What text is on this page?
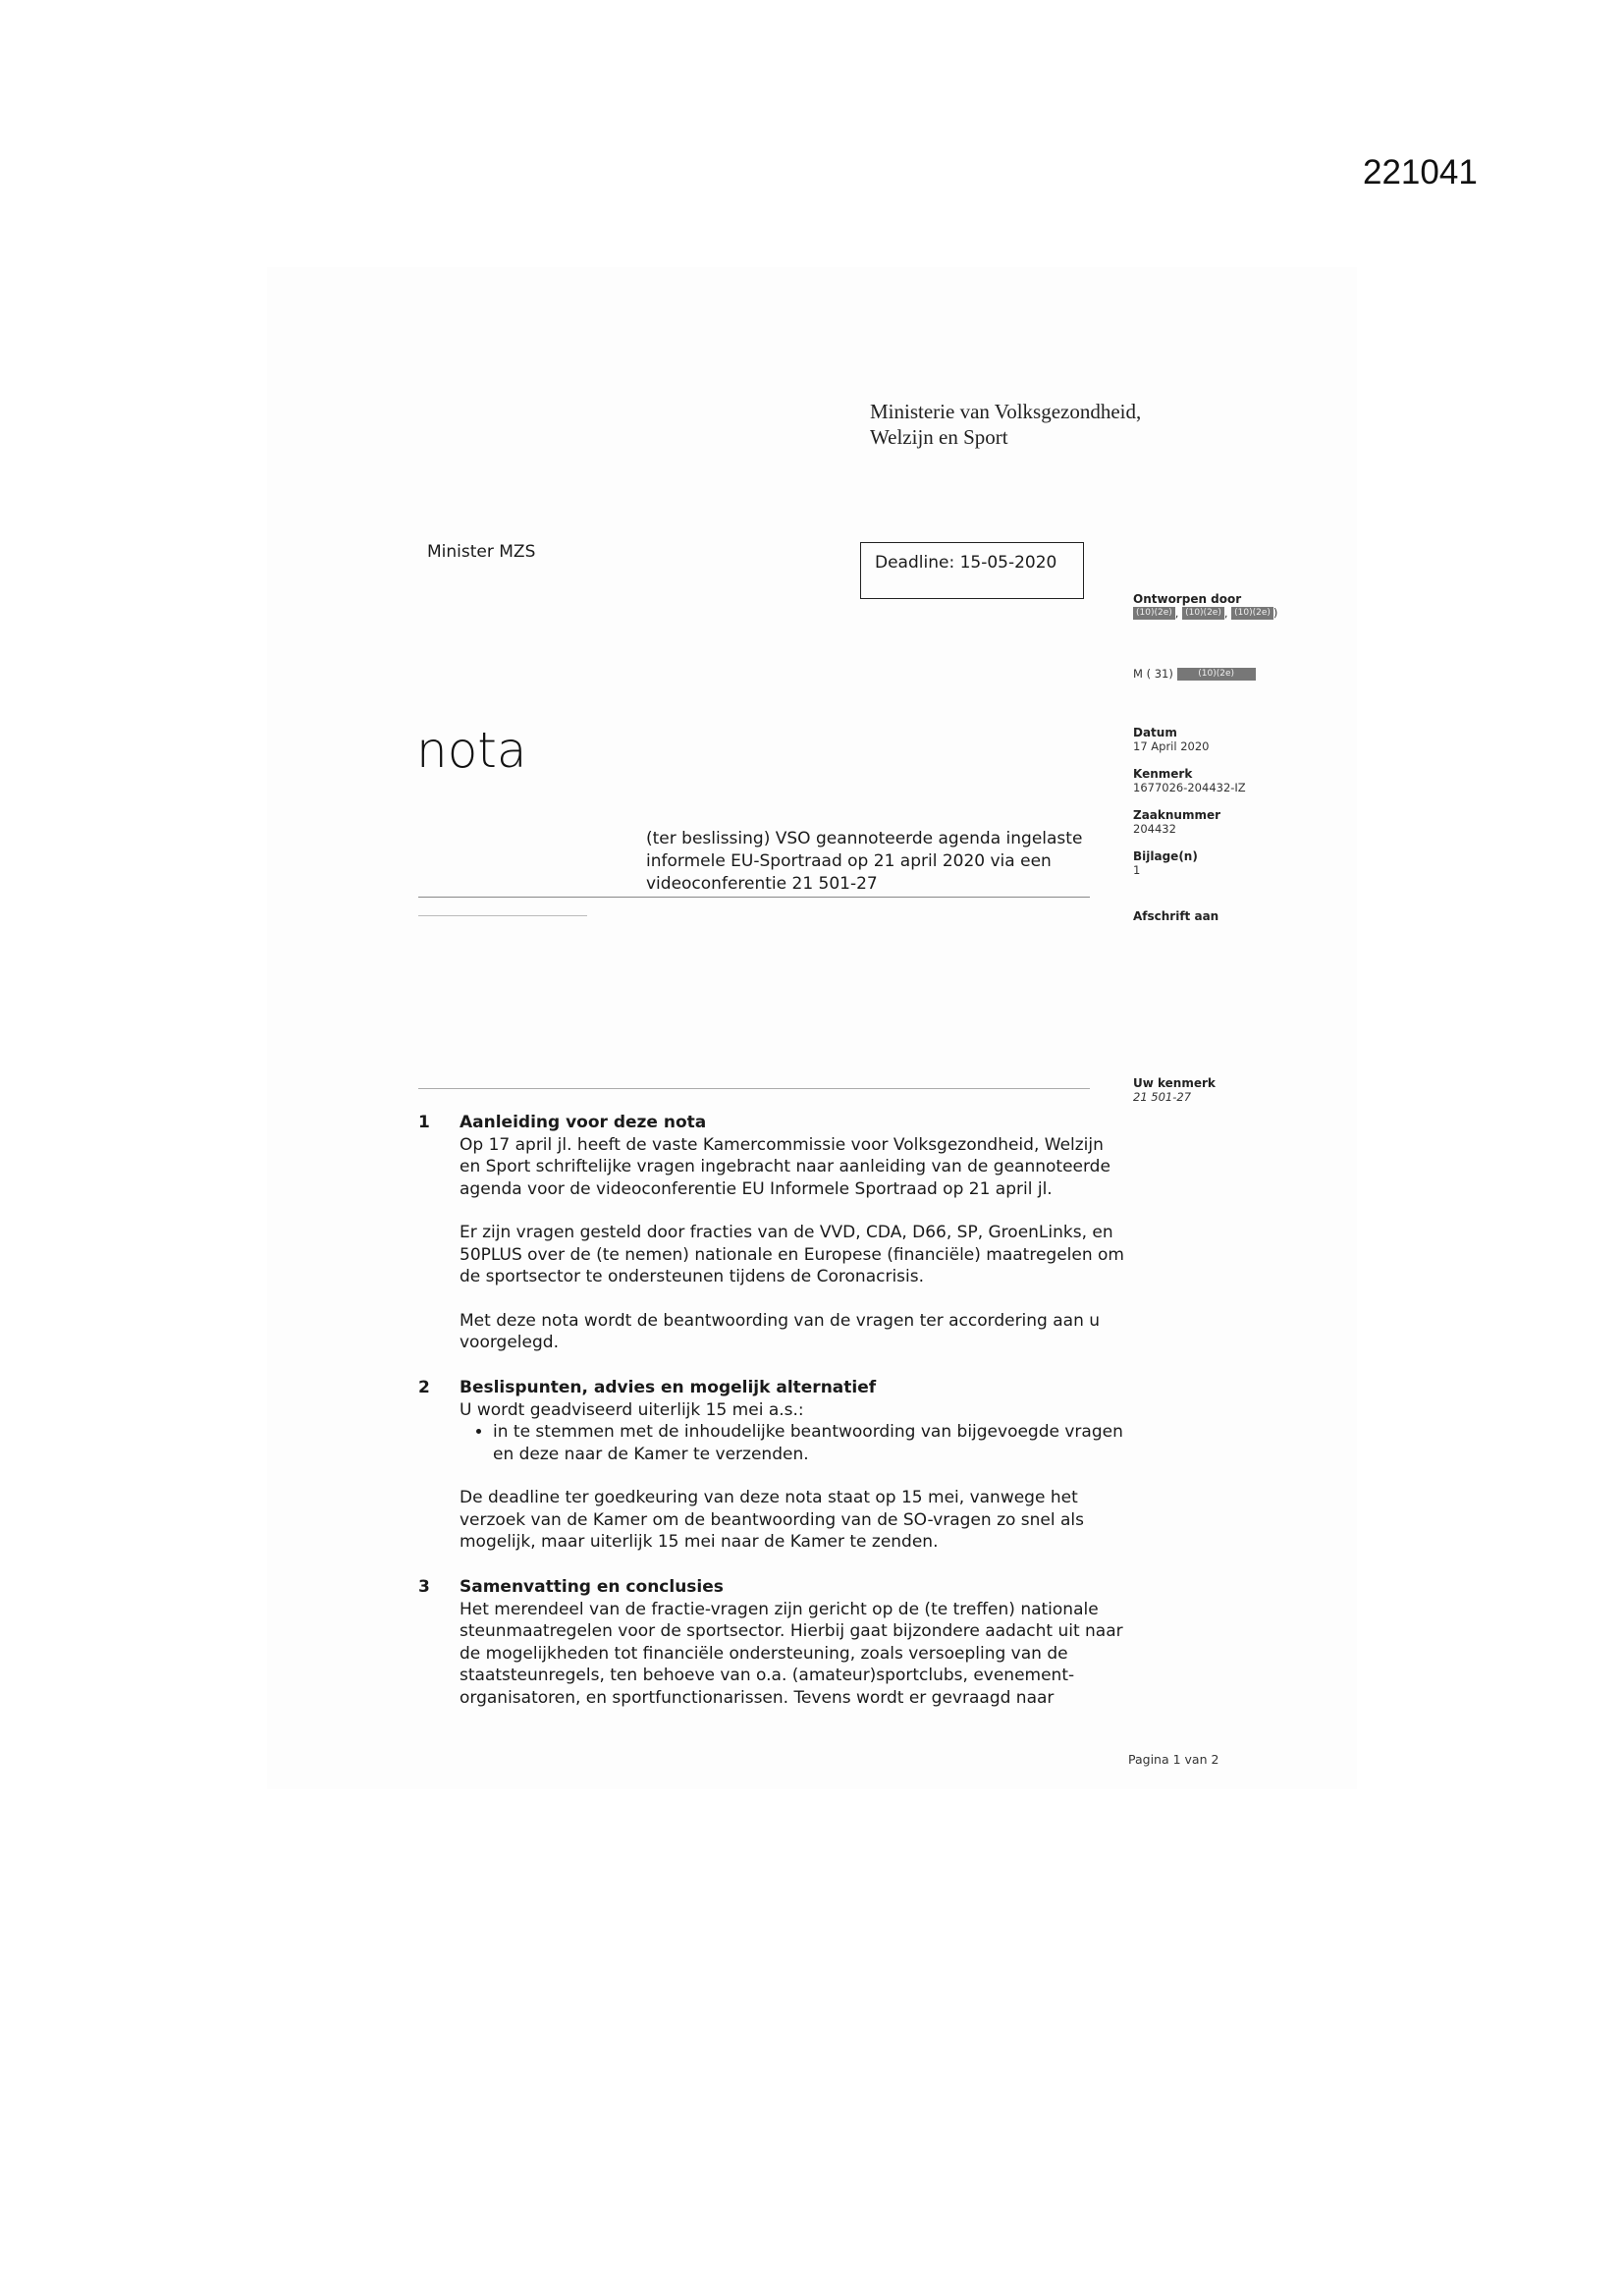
221041
Ministerie van Volksgezondheid,
Welzijn en Sport
Minister MZS
Deadline: 15-05-2020
nota
(ter beslissing) VSO geannoteerde agenda ingelaste informele EU-Sportraad op 21 april 2020 via een videoconferentie 21 501-27
Ontworpen door
(10)(2e) , (10)(2e) , (10)(2e) )
M ( 31)	(10)(2e)
Datum
17 April 2020
Kenmerk
1677026-204432-IZ
Zaaknummer
204432
Bijlage(n)
1
Afschrift aan
Uw kenmerk
21 501-27
1 Aanleiding voor deze nota

Op 17 april jl. heeft de vaste Kamercommissie voor Volksgezondheid, Welzijn en Sport schriftelijke vragen ingebracht naar aanleiding van de geannoteerde agenda voor de videoconferentie EU Informele Sportraad op 21 april jl.

Er zijn vragen gesteld door fracties van de VVD, CDA, D66, SP, GroenLinks, en 50PLUS over de (te nemen) nationale en Europese (financiële) maatregelen om de sportsector te ondersteunen tijdens de Coronacrisis.

Met deze nota wordt de beantwoording van de vragen ter accordering aan u voorgelegd.

2 Beslispunten, advies en mogelijk alternatief
U wordt geadviseerd uiterlijk 15 mei a.s.:
• in te stemmen met de inhoudelijke beantwoording van bijgevoegde vragen en deze naar de Kamer te verzenden.

De deadline ter goedkeuring van deze nota staat op 15 mei, vanwege het verzoek van de Kamer om de beantwoording van de SO-vragen zo snel als mogelijk, maar uiterlijk 15 mei naar de Kamer te zenden.

3 Samenvatting en conclusies

Het merendeel van de fractie-vragen zijn gericht op de (te treffen) nationale steunmaatregelen voor de sportsector. Hierbij gaat bijzondere aadacht uit naar de mogelijkheden tot financiële ondersteuning, zoals versoepling van de staatsteunregels, ten behoeve van o.a. (amateur)sportclubs, evenement-organisatoren, en sportfunctionarissen. Tevens wordt er gevraagd naar

Pagina 1 van 2
